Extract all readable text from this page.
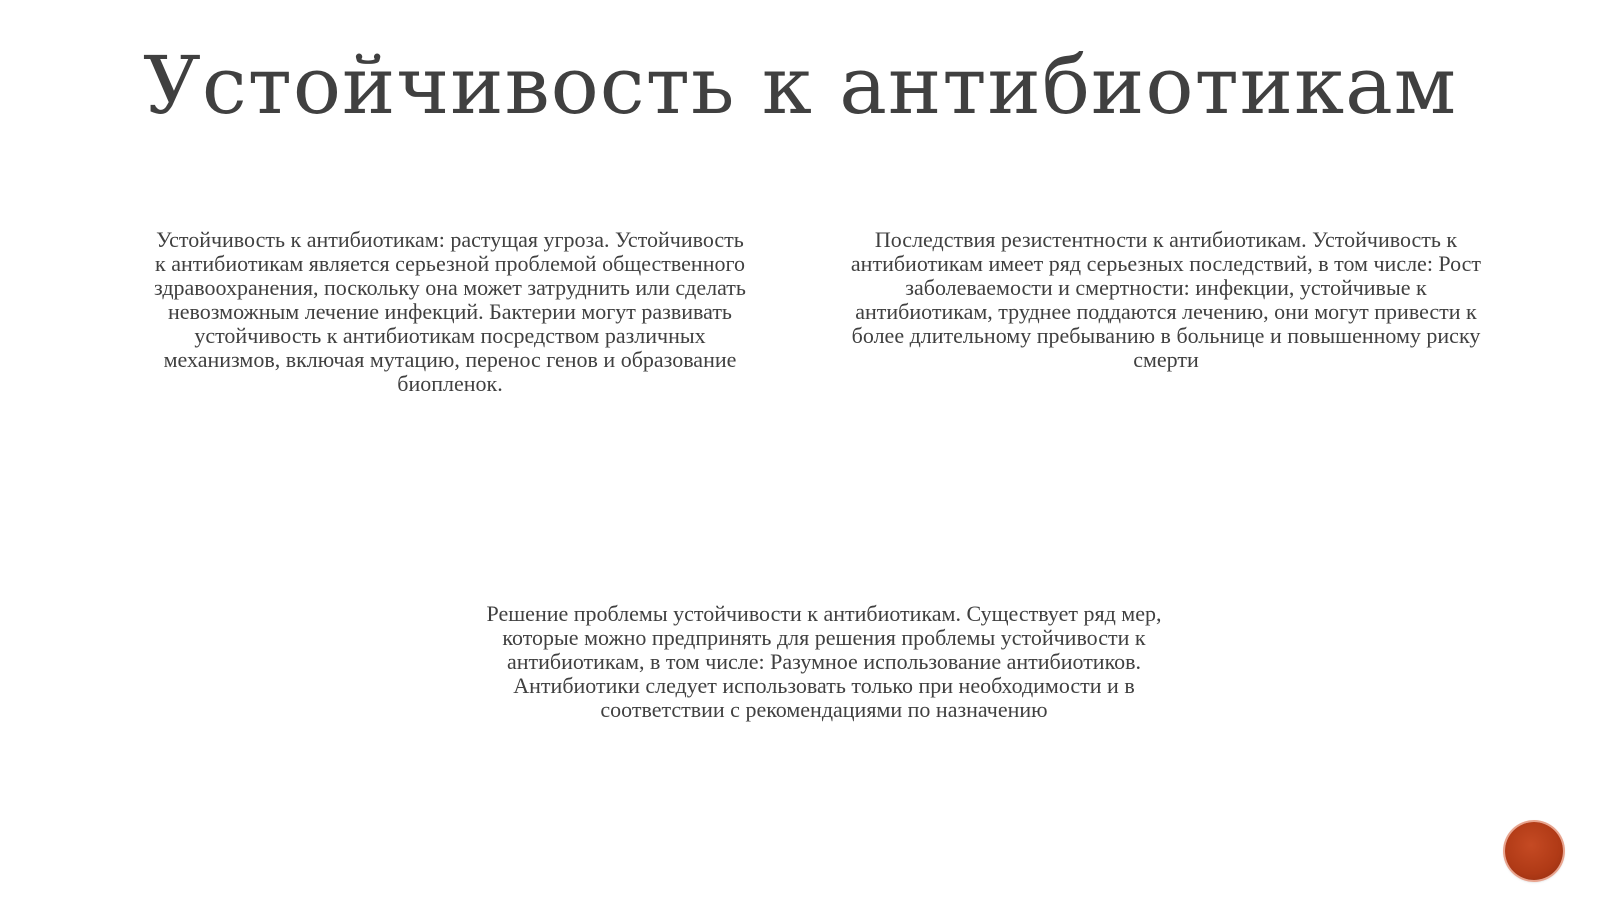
Устойчивость к антибиотикам
Устойчивость к антибиотикам: растущая угроза. Устойчивость к антибиотикам является серьезной проблемой общественного здравоохранения, поскольку она может затруднить или сделать невозможным лечение инфекций. Бактерии могут развивать устойчивость к антибиотикам посредством различных механизмов, включая мутацию, перенос генов и образование биопленок.
Последствия резистентности к антибиотикам. Устойчивость к антибиотикам имеет ряд серьезных последствий, в том числе: Рост заболеваемости и смертности: инфекции, устойчивые к антибиотикам, труднее поддаются лечению, они могут привести к более длительному пребыванию в больнице и повышенному риску смерти
Решение проблемы устойчивости к антибиотикам. Существует ряд мер, которые можно предпринять для решения проблемы устойчивости к антибиотикам, в том числе: Разумное использование антибиотиков. Антибиотики следует использовать только при необходимости и в соответствии с рекомендациями по назначению
